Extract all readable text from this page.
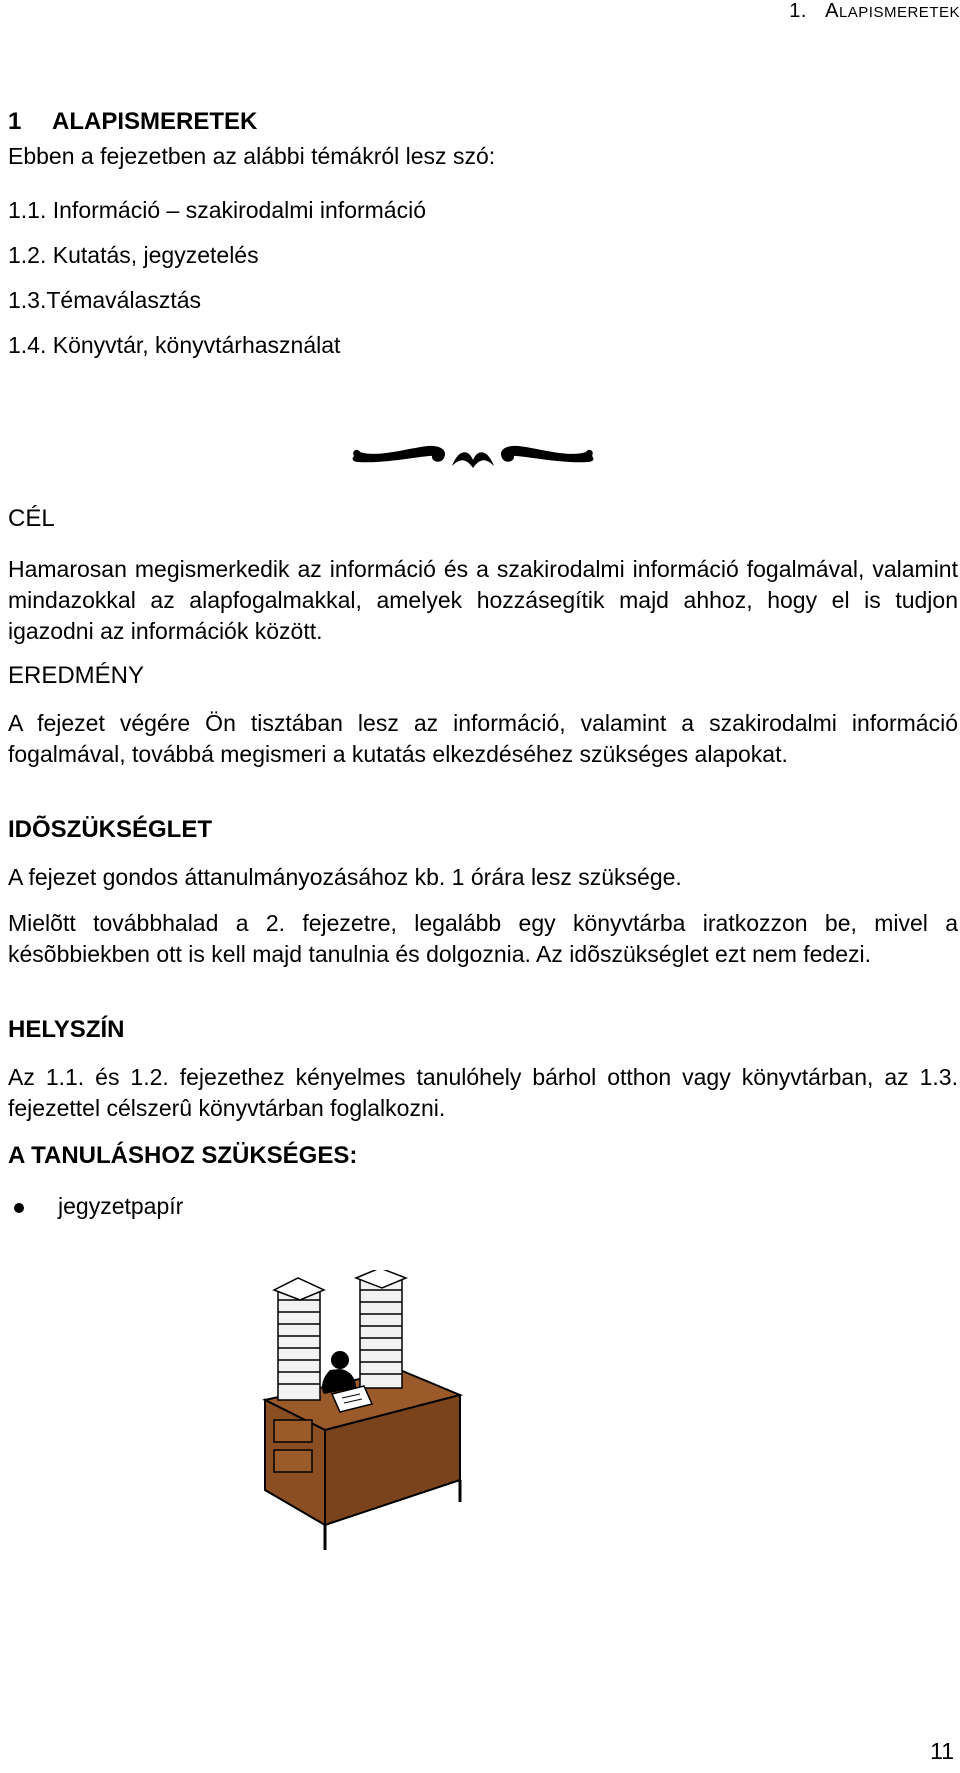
1. ALAPISMERETEK
1 ALAPISMERETEK
Ebben a fejezetben az alábbi témákról lesz szó:
1.1. Információ – szakirodalmi információ
1.2. Kutatás, jegyzetelés
1.3.Témaválasztás
1.4. Könyvtár, könyvtárhasználat
CÉL
Hamarosan megismerkedik az információ és a szakirodalmi információ fogalmával, valamint mindazokkal az alapfogalmakkal, amelyek hozzásegítik majd ahhoz, hogy el is tudjon igazodni az információk között.
EREDMÉNY
A fejezet végére Ön tisztában lesz az információ, valamint a szakirodalmi információ fogalmával, továbbá megismeri a kutatás elkezdéséhez szükséges alapokat.
IDÕSZÜKSÉGLET
A fejezet gondos áttanulmányozásához kb. 1 órára lesz szüksége.
Mielõtt továbbhalad a 2. fejezetre, legalább egy könyvtárba iratkozzon be, mivel a késõbbiekben ott is kell majd tanulnia és dolgoznia. Az idõszükséglet ezt nem fedezi.
HELYSZÍN
Az 1.1. és 1.2. fejezethez kényelmes tanulóhely bárhol otthon vagy könyvtárban, az 1.3. fejezettel célszerû könyvtárban foglalkozni.
A TANULÁSHOZ SZÜKSÉGES:
jegyzetpapír
11
